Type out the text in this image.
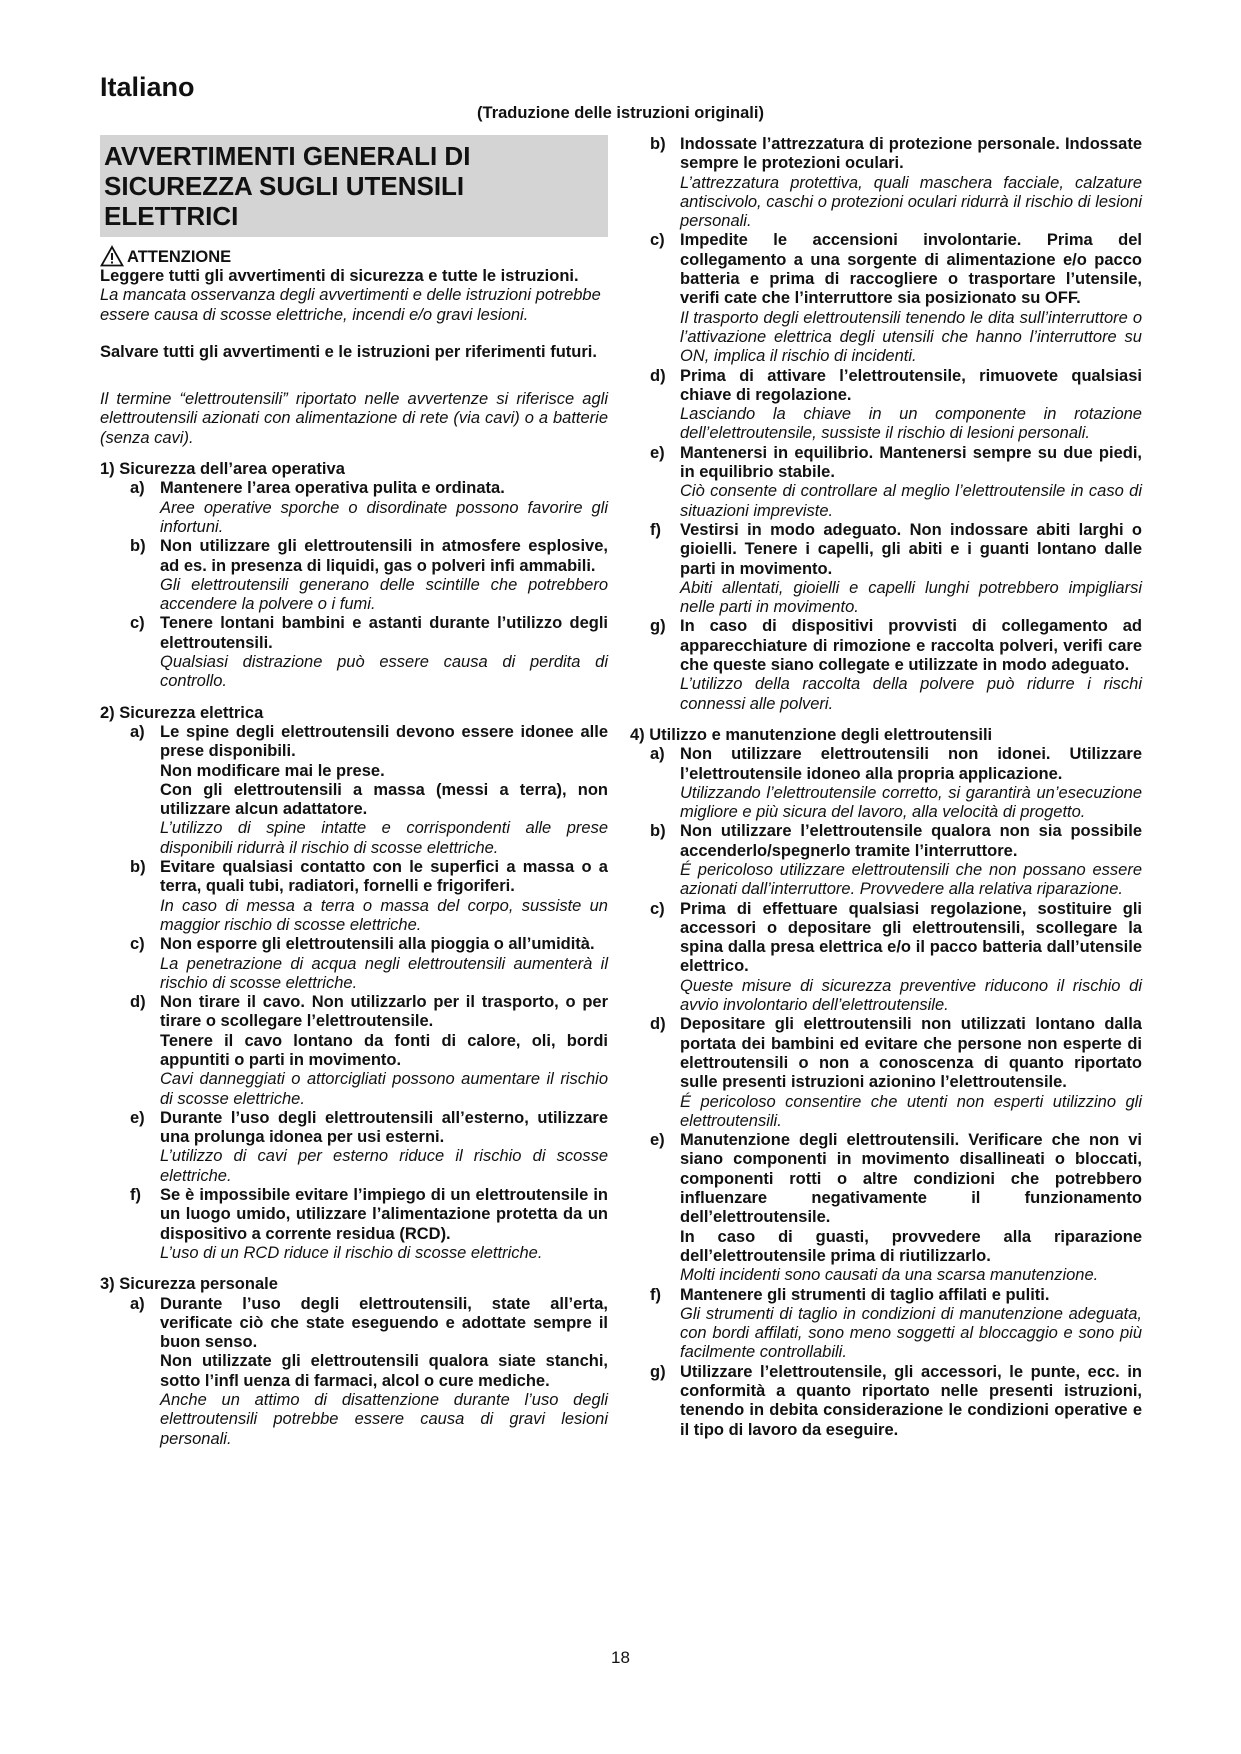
Italiano
(Traduzione delle istruzioni originali)
AVVERTIMENTI GENERALI DI
SICUREZZA SUGLI UTENSILI
ELETTRICI
ATTENZIONE

Leggere tutti gli avvertimenti di sicurezza e tutte le istruzioni.

La mancata osservanza degli avvertimenti e delle istruzioni potrebbe essere causa di scosse elettriche, incendi e/o gravi lesioni.

Salvare tutti gli avvertimenti e le istruzioni per riferimenti futuri.

Il termine “elettroutensili” riportato nelle avvertenze si riferisce agli elettroutensili azionati con alimentazione di rete (via cavi) o a batterie (senza cavi).

1) Sicurezza dell’area operativa
a) Mantenere l’area operativa pulita e ordinata.

Aree operative sporche o disordinate possono favorire gli infortuni.

b) Non utilizzare gli elettroutensili in atmosfere esplosive, ad es. in presenza di liquidi, gas o polveri infi ammabili.

Gli elettroutensili generano delle scintille che potrebbero accendere la polvere o i fumi.

c) Tenere lontani bambini e astanti durante l’utilizzo degli elettroutensili.

Qualsiasi distrazione può essere causa di perdita di controllo.

2) Sicurezza elettrica
a) Le spine degli elettroutensili devono essere idonee alle prese disponibili.

Non modificare mai le prese.

Con gli elettroutensili a massa (messi a terra), non utilizzare alcun adattatore.

L’utilizzo di spine intatte e corrispondenti alle prese disponibili ridurrà il rischio di scosse elettriche.

b) Evitare qualsiasi contatto con le superfici a massa o a terra, quali tubi, radiatori, fornelli e frigoriferi.

In caso di messa a terra o massa del corpo, sussiste un maggior rischio di scosse elettriche.

c) Non esporre gli elettroutensili alla pioggia o all’umidità.

La penetrazione di acqua negli elettroutensili aumenterà il rischio di scosse elettriche.

d) Non tirare il cavo. Non utilizzarlo per il trasporto, o per tirare o scollegare l’elettroutensile.

Tenere il cavo lontano da fonti di calore, oli, bordi appuntiti o parti in movimento.

Cavi danneggiati o attorcigliati possono aumentare il rischio di scosse elettriche.

e) Durante l’uso degli elettroutensili all’esterno, utilizzare una prolunga idonea per usi esterni.

L’utilizzo di cavi per esterno riduce il rischio di scosse elettriche.

f)	Se è impossibile evitare l’impiego di un elettroutensile in un luogo umido, utilizzare l’alimentazione protetta da un dispositivo a corrente residua (RCD).

L’uso di un RCD riduce il rischio di scosse elettriche.

3) Sicurezza personale
a) Durante l’uso degli elettroutensili, state all’erta, verificate ciò che state eseguendo e adottate sempre il buon senso.

Non utilizzate gli elettroutensili qualora siate stanchi, sotto l’infl uenza di farmaci, alcol o cure mediche.

Anche un attimo di disattenzione durante l’uso degli elettroutensili potrebbe essere causa di gravi lesioni personali.

b) Indossate l’attrezzatura di protezione personale. Indossate sempre le protezioni oculari.

L’attrezzatura protettiva, quali maschera facciale, calzature antiscivolo, caschi o protezioni oculari ridurrà il rischio di lesioni personali.

c) Impedite le accensioni involontarie. Prima del collegamento a una sorgente di alimentazione e/o pacco batteria e prima di raccogliere o trasportare l’utensile, verifi cate che l’interruttore sia posizionato su OFF.

Il trasporto degli elettroutensili tenendo le dita sull’interruttore o l’attivazione elettrica degli utensili che hanno l’interruttore su ON, implica il rischio di incidenti.

d) Prima di attivare l’elettroutensile, rimuovete qualsiasi chiave di regolazione.

Lasciando la chiave in un componente in rotazione dell’elettroutensile, sussiste il rischio di lesioni personali.

e) Mantenersi in equilibrio. Mantenersi sempre su due piedi, in equilibrio stabile.

Ciò consente di controllare al meglio l’elettroutensile in caso di situazioni impreviste.

f)	Vestirsi in modo adeguato. Non indossare abiti larghi o gioielli. Tenere i capelli, gli abiti e i guanti lontano dalle parti in movimento.

Abiti allentati, gioielli e capelli lunghi potrebbero impigliarsi nelle parti in movimento.

g) In caso di dispositivi provvisti di collegamento ad apparecchiature di rimozione e raccolta polveri, verifi care che queste siano collegate e utilizzate in modo adeguato.

L’utilizzo della raccolta della polvere può ridurre i rischi connessi alle polveri.

4) Utilizzo e manutenzione degli elettroutensili
a) Non utilizzare elettroutensili non idonei. Utilizzare l’elettroutensile idoneo alla propria applicazione.

Utilizzando l’elettroutensile corretto, si garantirà un’esecuzione migliore e più sicura del lavoro, alla velocità di progetto.

b) Non utilizzare l’elettroutensile qualora non sia possibile accenderlo/spegnerlo tramite l’interruttore.

É pericoloso utilizzare elettroutensili che non possano essere azionati dall’interruttore. Provvedere alla relativa riparazione.

c) Prima di effettuare qualsiasi regolazione, sostituire gli accessori o depositare gli elettroutensili, scollegare la spina dalla presa elettrica e/o il pacco batteria dall’utensile elettrico.

Queste misure di sicurezza preventive riducono il rischio di avvio involontario dell’elettroutensile.

d) Depositare gli elettroutensili non utilizzati lontano dalla portata dei bambini ed evitare che persone non esperte di elettroutensili o non a conoscenza di quanto riportato sulle presenti istruzioni azionino l’elettroutensile.

É pericoloso consentire che utenti non esperti utilizzino gli elettroutensili.

e) Manutenzione degli elettroutensili. Verificare che non vi siano componenti in movimento disallineati o bloccati, componenti rotti o altre condizioni che potrebbero influenzare negativamente il funzionamento dell’elettroutensile.

In caso di guasti, provvedere alla riparazione dell’elettroutensile prima di riutilizzarlo.

Molti incidenti sono causati da una scarsa manutenzione.

f)	Mantenere gli strumenti di taglio affilati e puliti.

Gli strumenti di taglio in condizioni di manutenzione adeguata, con bordi affilati, sono meno soggetti al bloccaggio e sono più facilmente controllabili.

g) Utilizzare l’elettroutensile, gli accessori, le punte, ecc. in conformità a quanto riportato nelle presenti istruzioni, tenendo in debita considerazione le condizioni operative e il tipo di lavoro da eseguire.

18
